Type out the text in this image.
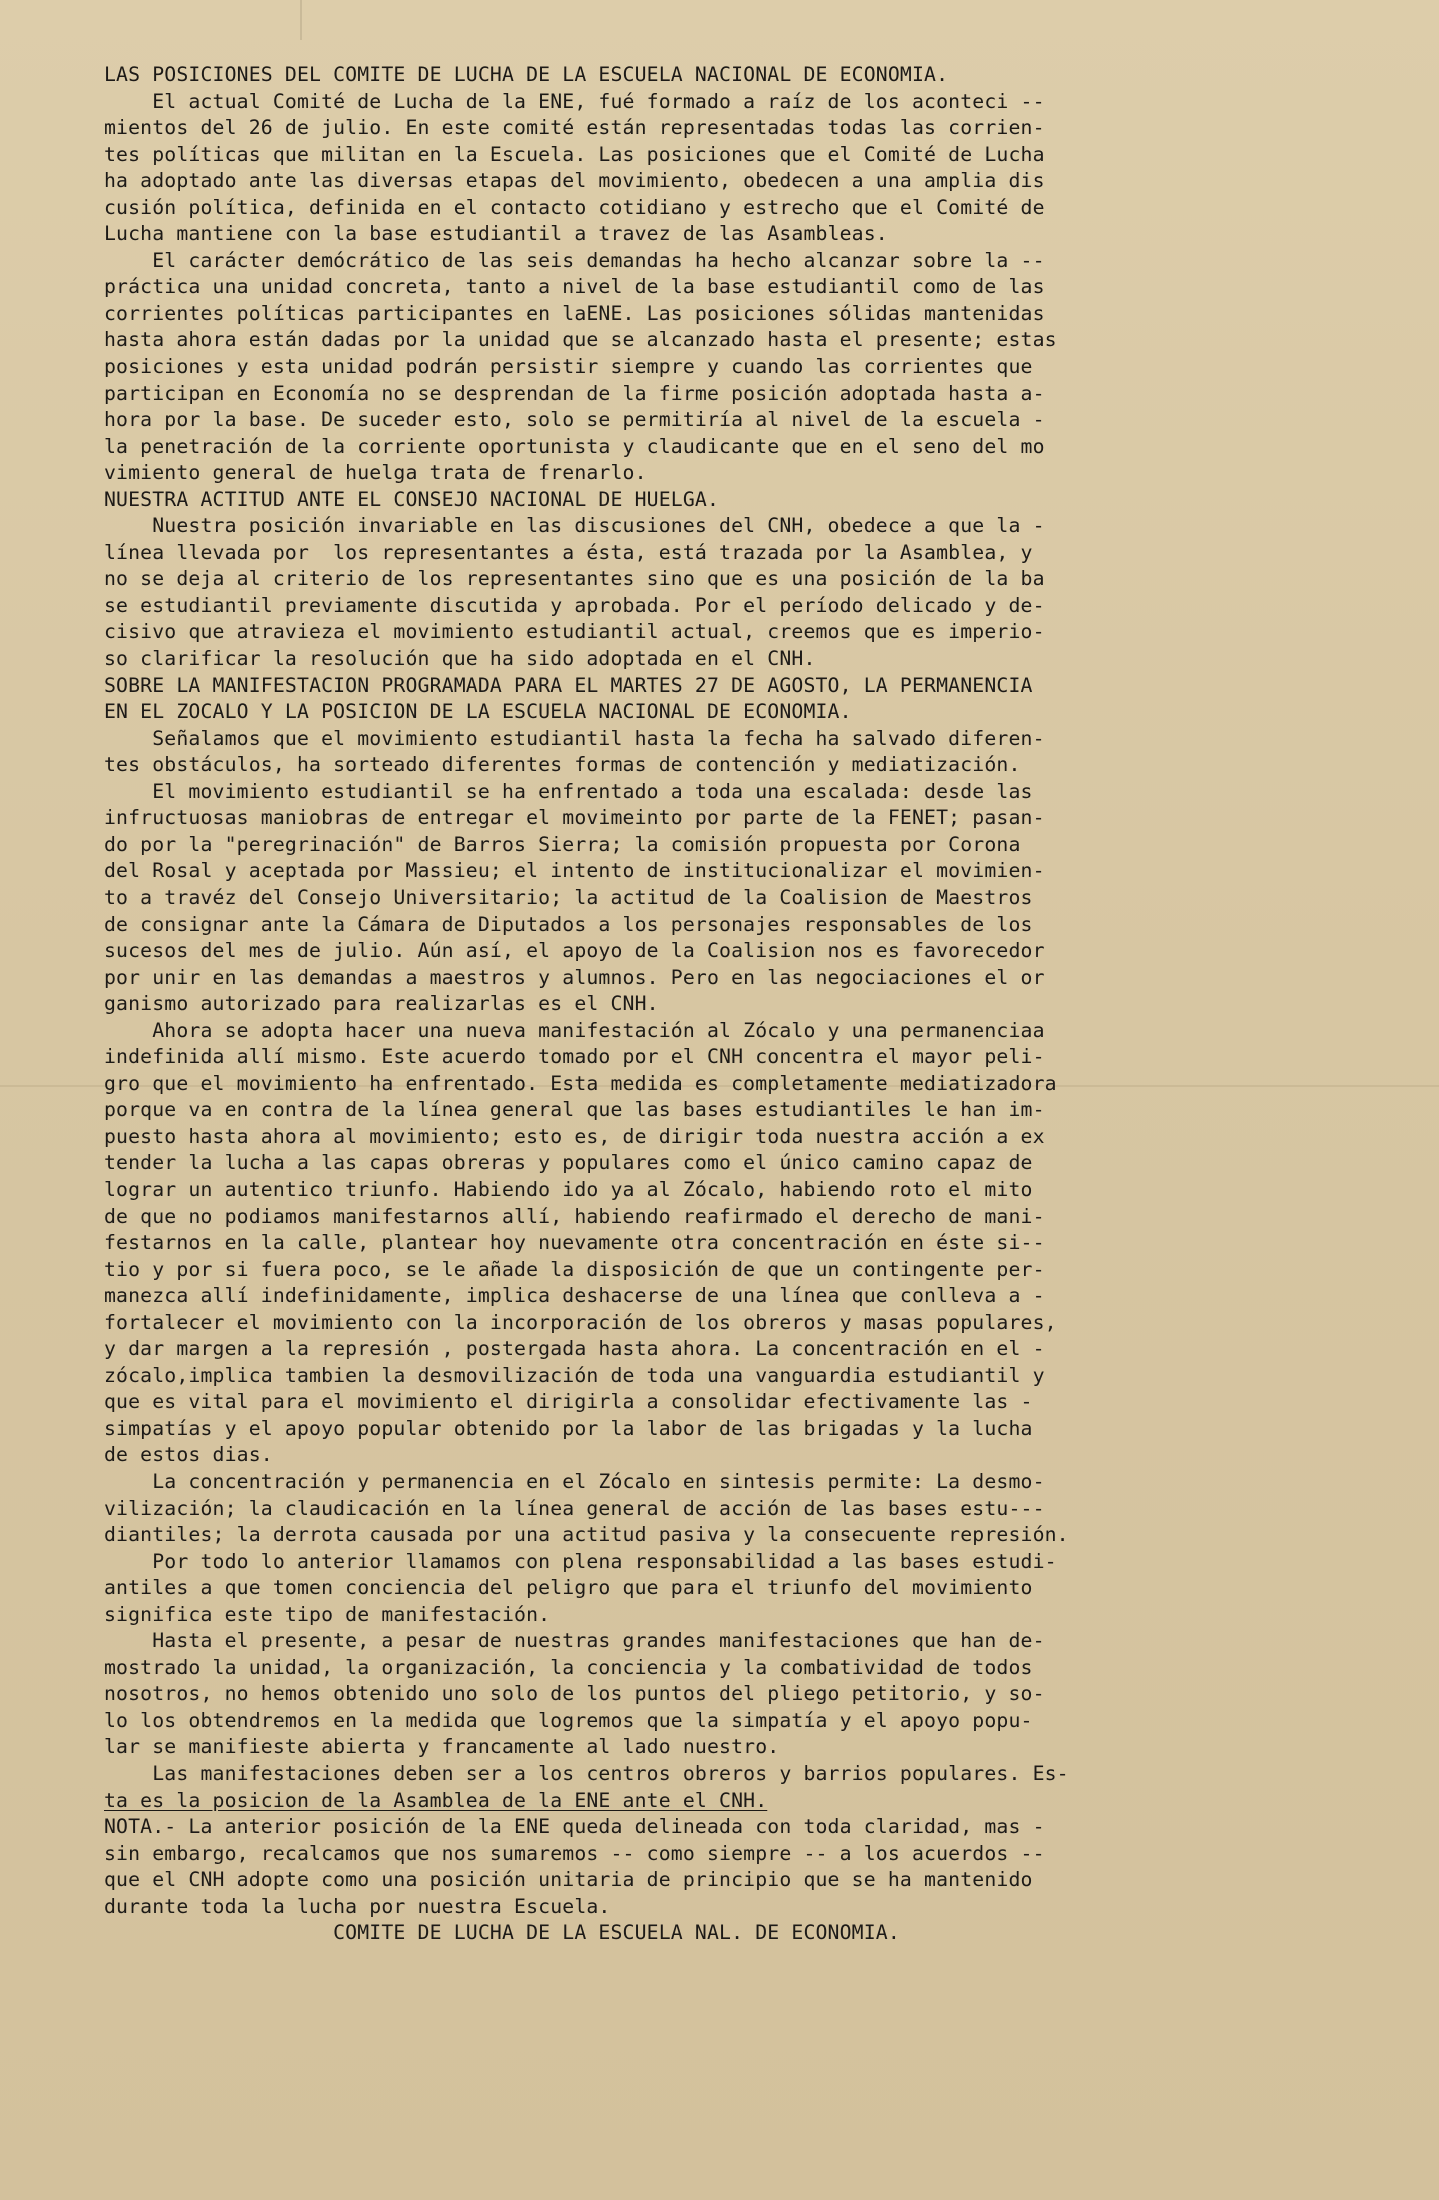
LAS POSICIONES DEL COMITE DE LUCHA DE LA ESCUELA NACIONAL DE ECONOMIA.
El actual Comité de Lucha de la ENE, fué formado a raíz de los aconteci --
mientos del 26 de julio. En este comité están representadas todas las corrien-
tes políticas que militan en la Escuela. Las posiciones que el Comité de Lucha
ha adoptado ante las diversas etapas del movimiento, obedecen a una amplia dis
cusión política, definida en el contacto cotidiano y estrecho que el Comité de
Lucha mantiene con la base estudiantil a travez de las Asambleas.
El carácter demócrático de las seis demandas ha hecho alcanzar sobre la --
práctica una unidad concreta, tanto a nivel de la base estudiantil como de las
corrientes políticas participantes en laENE. Las posiciones sólidas mantenidas
hasta ahora están dadas por la unidad que se alcanzado hasta el presente; estas
posiciones y esta unidad podrán persistir siempre y cuando las corrientes que
participan en Economía no se desprendan de la firme posición adoptada hasta a-
hora por la base. De suceder esto, solo se permitiría al nivel de la escuela -
la penetración de la corriente oportunista y claudicante que en el seno del mo
vimiento general de huelga trata de frenarlo.
NUESTRA ACTITUD ANTE EL CONSEJO NACIONAL DE HUELGA.
Nuestra posición invariable en las discusiones del CNH, obedece a que la -
línea llevada por  los representantes a ésta, está trazada por la Asamblea, y
no se deja al criterio de los representantes sino que es una posición de la ba
se estudiantil previamente discutida y aprobada. Por el período delicado y de-
cisivo que atravieza el movimiento estudiantil actual, creemos que es imperio-
so clarificar la resolución que ha sido adoptada en el CNH.
SOBRE LA MANIFESTACION PROGRAMADA PARA EL MARTES 27 DE AGOSTO, LA PERMANENCIA
EN EL ZOCALO Y LA POSICION DE LA ESCUELA NACIONAL DE ECONOMIA.
Señalamos que el movimiento estudiantil hasta la fecha ha salvado diferen-
tes obstáculos, ha sorteado diferentes formas de contención y mediatización.
El movimiento estudiantil se ha enfrentado a toda una escalada: desde las
infructuosas maniobras de entregar el movimeinto por parte de la FENET; pasan-
do por la "peregrinación" de Barros Sierra; la comisión propuesta por Corona
del Rosal y aceptada por Massieu; el intento de institucionalizar el movimien-
to a travéz del Consejo Universitario; la actitud de la Coalision de Maestros
de consignar ante la Cámara de Diputados a los personajes responsables de los
sucesos del mes de julio. Aún así, el apoyo de la Coalision nos es favorecedor
por unir en las demandas a maestros y alumnos. Pero en las negociaciones el or
ganismo autorizado para realizarlas es el CNH.
Ahora se adopta hacer una nueva manifestación al Zócalo y una permanenciaa
indefinida allí mismo. Este acuerdo tomado por el CNH concentra el mayor peli-
gro que el movimiento ha enfrentado. Esta medida es completamente mediatizadora
porque va en contra de la línea general que las bases estudiantiles le han im-
puesto hasta ahora al movimiento; esto es, de dirigir toda nuestra acción a ex
tender la lucha a las capas obreras y populares como el único camino capaz de
lograr un autentico triunfo. Habiendo ido ya al Zócalo, habiendo roto el mito
de que no podiamos manifestarnos allí, habiendo reafirmado el derecho de mani-
festarnos en la calle, plantear hoy nuevamente otra concentración en éste si--
tio y por si fuera poco, se le añade la disposición de que un contingente per-
manezca allí indefinidamente, implica deshacerse de una línea que conlleva a -
fortalecer el movimiento con la incorporación de los obreros y masas populares,
y dar margen a la represión , postergada hasta ahora. La concentración en el -
zócalo,implica tambien la desmovilización de toda una vanguardia estudiantil y
que es vital para el movimiento el dirigirla a consolidar efectivamente las -
simpatías y el apoyo popular obtenido por la labor de las brigadas y la lucha
de estos dias.
La concentración y permanencia en el Zócalo en sintesis permite: La desmo-
vilización; la claudicación en la línea general de acción de las bases estu---
diantiles; la derrota causada por una actitud pasiva y la consecuente represión.
Por todo lo anterior llamamos con plena responsabilidad a las bases estudi-
antiles a que tomen conciencia del peligro que para el triunfo del movimiento
significa este tipo de manifestación.
Hasta el presente, a pesar de nuestras grandes manifestaciones que han de-
mostrado la unidad, la organización, la conciencia y la combatividad de todos
nosotros, no hemos obtenido uno solo de los puntos del pliego petitorio, y so-
lo los obtendremos en la medida que logremos que la simpatía y el apoyo popu-
lar se manifieste abierta y francamente al lado nuestro.
Las manifestaciones deben ser a los centros obreros y barrios populares. Es-
ta es la posicion de la Asamblea de la ENE ante el CNH.
NOTA.- La anterior posición de la ENE queda delineada con toda claridad, mas -
sin embargo, recalcamos que nos sumaremos -- como siempre -- a los acuerdos --
que el CNH adopte como una posición unitaria de principio que se ha mantenido
durante toda la lucha por nuestra Escuela.
COMITE DE LUCHA DE LA ESCUELA NAL. DE ECONOMIA.
